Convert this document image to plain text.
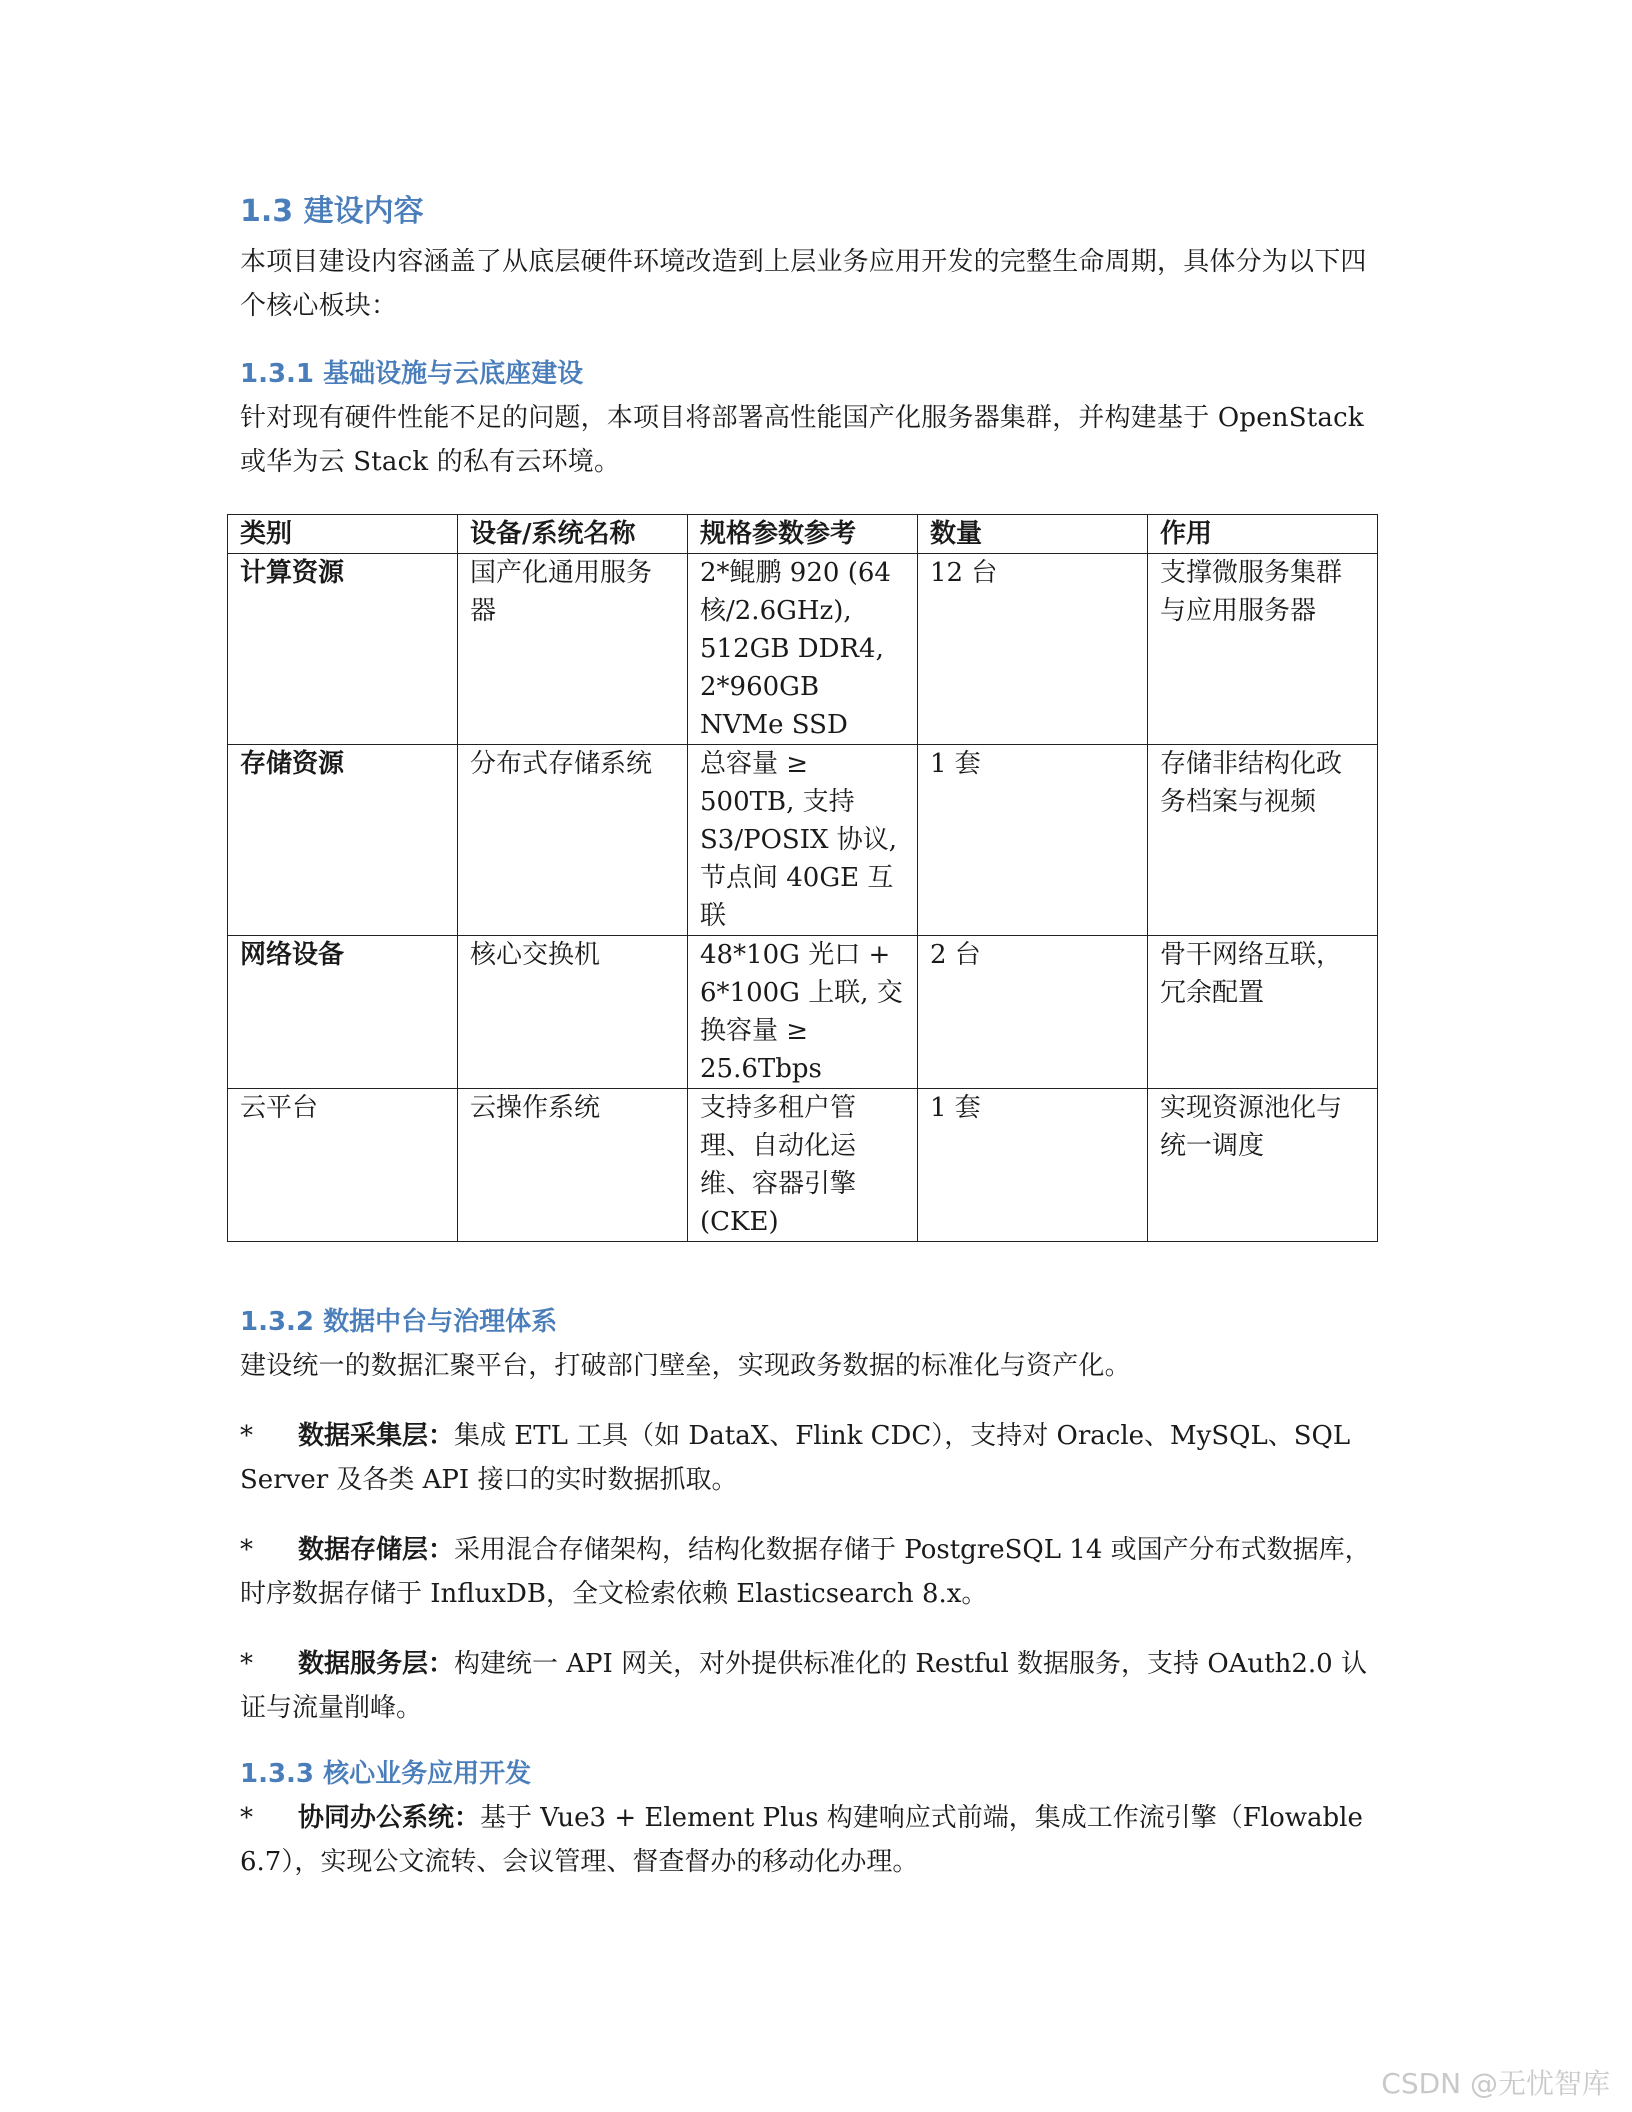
1.3 建设内容
本项目建设内容涵盖了从底层硬件环境改造到上层业务应用开发的完整生命周期，具体分为以下四个核心板块：
1.3.1 基础设施与云底座建设
针对现有硬件性能不足的问题，本项目将部署高性能国产化服务器集群，并构建基于 OpenStack 或华为云 Stack 的私有云环境。
类别	设备/系统名称	规格参数参考	数量	作用
计算资源	国产化通用服务器	2*鲲鹏 920 (64 核/2.6GHz), 512GB DDR4, 2*960GB NVMe SSD	12 台	支撑微服务集群与应用服务器
存储资源	分布式存储系统	总容量 ≥ 500TB, 支持 S3/POSIX 协议, 节点间 40GE 互联	1 套	存储非结构化政务档案与视频
网络设备	核心交换机	48*10G 光口 + 6*100G 上联, 交换容量 ≥ 25.6Tbps	2 台	骨干网络互联，冗余配置
云平台	云操作系统	支持多租户管理、自动化运维、容器引擎 (CKE)	1 套	实现资源池化与统一调度
1.3.2 数据中台与治理体系
建设统一的数据汇聚平台，打破部门壁垒，实现政务数据的标准化与资产化。
* 数据采集层：集成 ETL 工具（如 DataX、Flink CDC），支持对 Oracle、MySQL、SQL Server 及各类 API 接口的实时数据抓取。
* 数据存储层：采用混合存储架构，结构化数据存储于 PostgreSQL 14 或国产分布式数据库，时序数据存储于 InfluxDB，全文检索依赖 Elasticsearch 8.x。
* 数据服务层：构建统一 API 网关，对外提供标准化的 Restful 数据服务，支持 OAuth2.0 认证与流量削峰。
1.3.3 核心业务应用开发
* 协同办公系统：基于 Vue3 + Element Plus 构建响应式前端，集成工作流引擎（Flowable 6.7），实现公文流转、会议管理、督查督办的移动化办理。
CSDN @无忧智库
